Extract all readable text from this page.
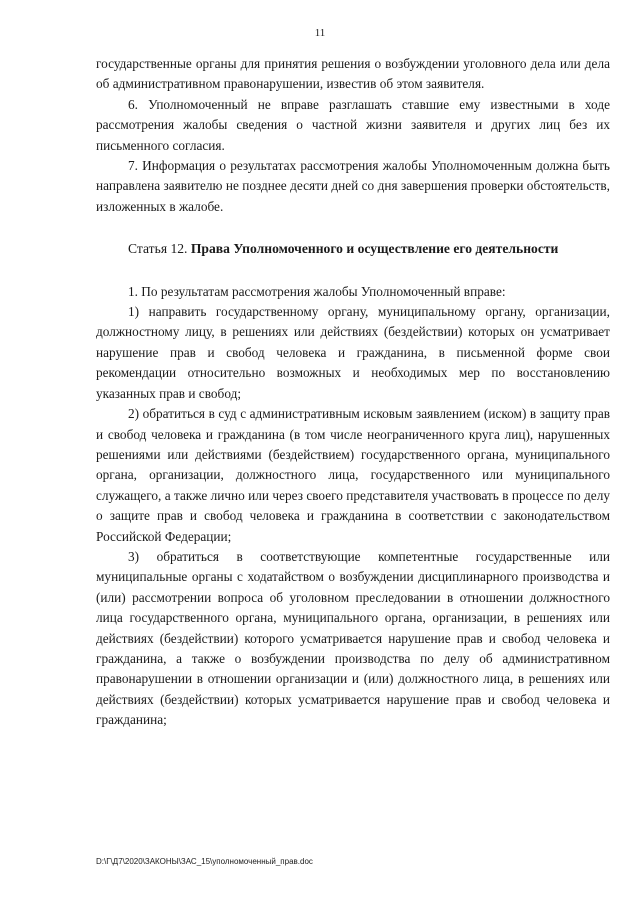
11

государственные органы для принятия решения о возбуждении уголовного дела или дела об административном правонарушении, известив об этом заявителя.

6. Уполномоченный не вправе разглашать ставшие ему известными в ходе рассмотрения жалобы сведения о частной жизни заявителя и других лиц без их письменного согласия.

7. Информация о результатах рассмотрения жалобы Уполномоченным должна быть направлена заявителю не позднее десяти дней со дня завершения проверки обстоятельств, изложенных в жалобе.

Статья 12. Права Уполномоченного и осуществление его деятельности

1. По результатам рассмотрения жалобы Уполномоченный вправе:

1) направить государственному органу, муниципальному органу, организации, должностному лицу, в решениях или действиях (бездействии) которых он усматривает нарушение прав и свобод человека и гражданина, в письменной форме свои рекомендации относительно возможных и необходимых мер по восстановлению указанных прав и свобод;

2) обратиться в суд с административным исковым заявлением (иском) в защиту прав и свобод человека и гражданина (в том числе неограниченного круга лиц), нарушенных решениями или действиями (бездействием) государственного органа, муниципального органа, организации, должностного лица, государственного или муниципального служащего, а также лично или через своего представителя участвовать в процессе по делу о защите прав и свобод человека и гражданина в соответствии с законодательством Российской Федерации;

3) обратиться в соответствующие компетентные государственные или муниципальные органы с ходатайством о возбуждении дисциплинарного производства и (или) рассмотрении вопроса об уголовном преследовании в отношении должностного лица государственного органа, муниципального органа, организации, в решениях или действиях (бездействии) которого усматривается нарушение прав и свобод человека и гражданина, а также о возбуждении производства по делу об административном правонарушении в отношении организации и (или) должностного лица, в решениях или действиях (бездействии) которых усматривается нарушение прав и свобод человека и гражданина;

D:\Г\Д7\2020\ЗАКОНЫ\ЗАС_15\уполномоченный_прав.doc
